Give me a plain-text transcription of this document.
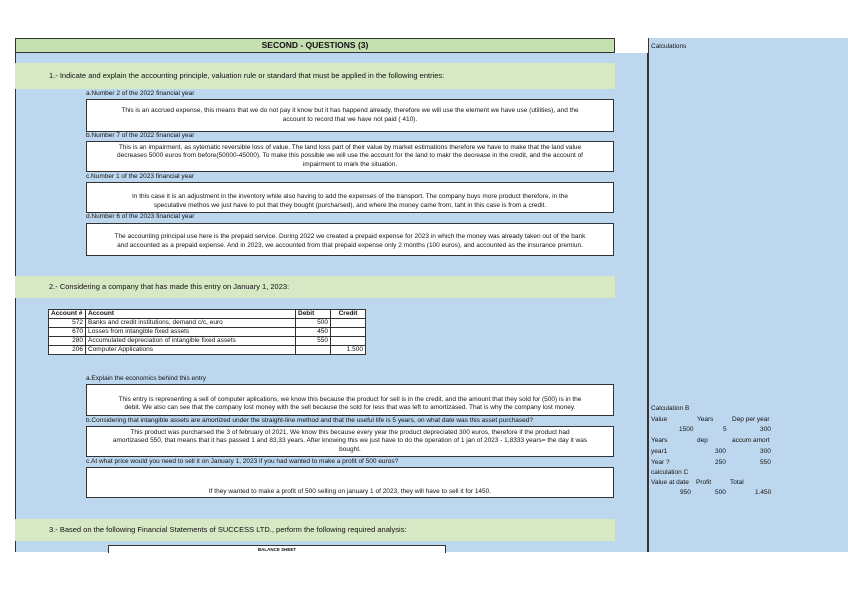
Calculations
SECOND - QUESTIONS (3)
1.- Indicate and explain the accounting principle, valuation rule or standard that must be applied in the following entries:
a.Number 2 of the 2022 financial year
This is an accrued expense, this means that we do not pay it know but it has happend already, therefore we will use the element we have use (utilities), and the
account to record that we have not paid ( 410).
b.Number 7 of the 2022 financial year
This is an impairment, as sytematic reversible loss of value. The land loss part of their value by market estimations therefore we have to make that the land value
decreases 5000 euros from before(50000-45000). To make this possible we will use the account for the land to makr the decrease in the credit, and the account of
impairment to mark the situation.
c.Number 1 of the 2023 financial year
In this case it is an adjustment in the inventory while also having to add the expenses of the transport. The company buys more product therefore, in the
speculative methos we just have to put that they bought (purcharsed), and where the money came from, taht in this case is from a credit.
d.Number 6 of the 2023 financial year
The accounting principal use here is the prepaid service. During 2022 we created a prepaid expense for 2023 in which the money was already taken out of the bank
and accounted as a prepaid expense. And in 2023, we accounted from that prepaid expense only 2 months (100 euros), and accounted as the insurance premiun.
2.- Considering a company that has made this entry on January 1, 2023:
Account #	Account	Debit	Credit
572	Banks and credit institutions, demand c/c, euro	500	
670	Losses from intangible fixed assets	450	
280	Accumulated depreciation of intangible fixed assets	550	
206	Computer Applications		1.500
a.Explain the economics behind this entry
This entry is representing a sell of computer aplications, we know this because the product for sell is in the credit, and the amount that they sold for (500) is in the
debit. We also can see that the company lost money with the sell because the sold for less that was left to amortizased. That is why the company lost money.
b.Considering that intangible assets are amortized under the straight-line method and that the useful life is 5 years, on what date was this asset purchased?
This product was purcharsed the 3 of february of 2021. We know this because every year the product depreciated 300 euros, therefore if the product had
amortizased 550, that means that it has passed 1 and 83,33 years. After knowing this we just have to do the operation of 1 jan of 2023 - 1,8333 years= the day it was
bought.
c.At what price would you need to sell it on January 1, 2023 if you had wanted to make a profit of 500 euros?
If they wanted to make a profit of 500 selling on january 1 of 2023, they will have to sell it for 1450.
3.- Based on the following Financial Statements of SUCCESS LTD., perform the following required analysis:
BALANCE SHEET
Calculation B
Value	Years	Dep per year
1500	5	300
Years	dep	accum amort
year1	300	300
Year ?	250	550
calculation C
Value at date Profit	Total
950	500	1.450
